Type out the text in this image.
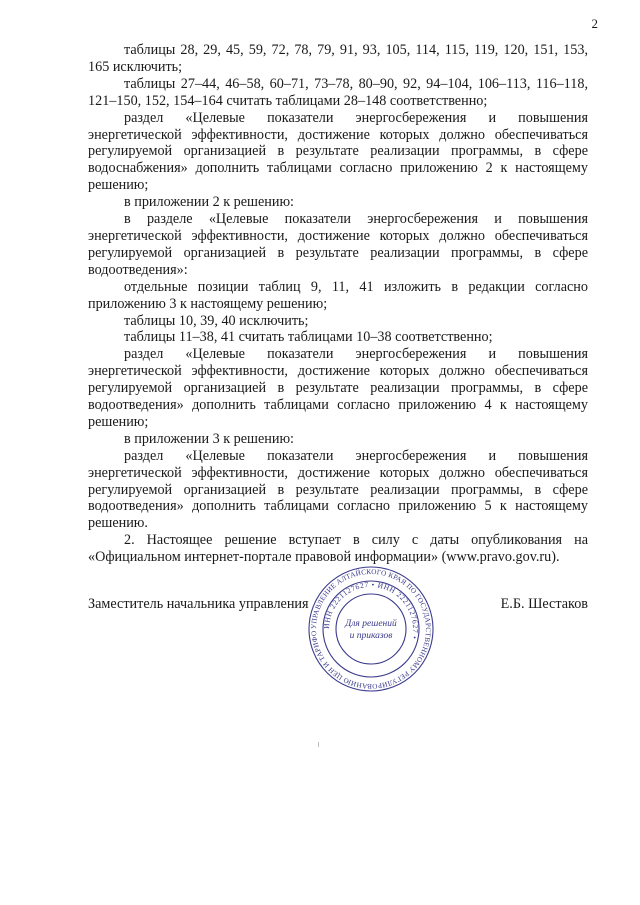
2

таблицы 28, 29, 45, 59, 72, 78, 79, 91, 93, 105, 114, 115, 119, 120, 151, 153, 165 исключить;

таблицы 27–44, 46–58, 60–71, 73–78, 80–90, 92, 94–104, 106–113, 116–118, 121–150, 152, 154–164 считать таблицами 28–148 соответственно;

раздел «Целевые показатели энергосбережения и повышения энергетической эффективности, достижение которых должно обеспечиваться регулируемой организацией в результате реализации программы, в сфере водоснабжения» дополнить таблицами согласно приложению 2 к настоящему решению;

в приложении 2 к решению:

в разделе «Целевые показатели энергосбережения и повышения энергетической эффективности, достижение которых должно обеспечиваться регулируемой организацией в результате реализации программы, в сфере водоотведения»:

отдельные позиции таблиц 9, 11, 41 изложить в редакции согласно приложению 3 к настоящему решению;

таблицы 10, 39, 40 исключить;

таблицы 11–38, 41 считать таблицами 10–38 соответственно;

раздел «Целевые показатели энергосбережения и повышения энергетической эффективности, достижение которых должно обеспечиваться регулируемой организацией в результате реализации программы, в сфере водоотведения» дополнить таблицами согласно приложению 4 к настоящему решению;

в приложении 3 к решению:

раздел «Целевые показатели энергосбережения и повышения энергетической эффективности, достижение которых должно обеспечиваться регулируемой организацией в результате реализации программы, в сфере водоотведения» дополнить таблицами согласно приложению 5 к настоящему решению.

2. Настоящее решение вступает в силу с даты опубликования на «Официальном интернет-портале правовой информации» (www.pravo.gov.ru).

Заместитель начальника управления	Е.Б. Шестаков
УПРАВЛЕНИЕ АЛТАЙСКОГО КРАЯ ПО ГОСУДАРСТВЕННОМУ РЕГУЛИРОВАНИЮ ЦЕН И ТАРИФО
ИНН 2221127627 • ИНН 2221127627 •
Для решений
и приказов
